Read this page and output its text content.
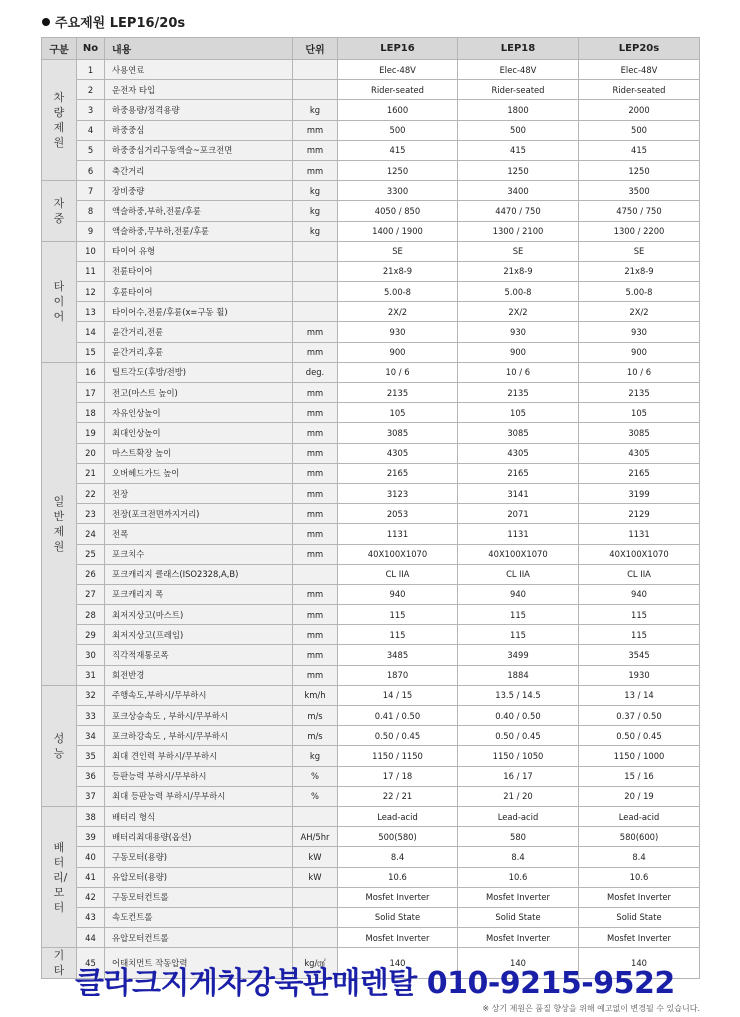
주요제원 LEP16/20s
구분	No	내용	단위	LEP16	LEP18	LEP20s

차량제원	1	사용연료		Elec-48V	Elec-48V	Elec-48V
	2	운전자 타입		Rider-seated	Rider-seated	Rider-seated
	3	하중용량/정격용량	kg	1600	1800	2000
	4	하중중심	mm	500	500	500
	5	하중중심거리구동액슬~포크전면	mm	415	415	415
	6	축간거리	mm	1250	1250	1250

자중	7	장비중량	kg	3300	3400	3500
	8	액슬하중,부하,전륜/후륜	kg	4050 / 850	4470 / 750	4750 / 750
	9	액슬하중,무부하,전륜/후륜	kg	1400 / 1900	1300 / 2100	1300 / 2200

타이어	10	타이어 유형		SE	SE	SE
	11	전륜타이어		21x8-9	21x8-9	21x8-9
	12	후륜타이어		5.00-8	5.00-8	5.00-8
	13	타이어수,전륜/후륜(x=구동 휠)		2X/2	2X/2	2X/2
	14	윤간거리,전륜	mm	930	930	930
	15	윤간거리,후륜	mm	900	900	900

일반제원	16	틸트각도(후방/전방)	deg.	10 / 6	10 / 6	10 / 6
	17	전고(마스트 높이)	mm	2135	2135	2135
	18	자유인상높이	mm	105	105	105
	19	최대인상높이	mm	3085	3085	3085
	20	마스트확장 높이	mm	4305	4305	4305
	21	오버헤드가드 높이	mm	2165	2165	2165
	22	전장	mm	3123	3141	3199
	23	전장(포크전면까지거리)	mm	2053	2071	2129
	24	전폭	mm	1131	1131	1131
	25	포크치수	mm	40X100X1070	40X100X1070	40X100X1070
	26	포크캐리지 클래스(ISO2328,A,B)		CL IIA	CL IIA	CL IIA
	27	포크캐리지 폭	mm	940	940	940
	28	최저지상고(마스트)	mm	115	115	115
	29	최저지상고(프레임)	mm	115	115	115
	30	직각적재통로폭	mm	3485	3499	3545
	31	회전반경	mm	1870	1884	1930

성능	32	주행속도,부하시/무부하시	km/h	14 / 15	13.5 / 14.5	13 / 14
	33	포크상승속도 , 부하시/무부하시	m/s	0.41 / 0.50	0.40 / 0.50	0.37 / 0.50
	34	포크하강속도 , 부하시/무부하시	m/s	0.50 / 0.45	0.50 / 0.45	0.50 / 0.45
	35	최대 견인력 부하시/무부하시	kg	1150 / 1150	1150 / 1050	1150 / 1000
	36	등판능력 부하시/무부하시	%	17 / 18	16 / 17	15 / 16
	37	최대 등판능력 부하시/무부하시	%	22 / 21	21 / 20	20 / 19

배터리/모터	38	배터리 형식		Lead-acid	Lead-acid	Lead-acid
	39	배터리최대용량(옵션)	AH/5hr	500(580)	580	580(600)
	40	구동모터(용량)	kW	8.4	8.4	8.4
	41	유압모터(용량)	kW	10.6	10.6	10.6
	42	구동모터컨트롤		Mosfet Inverter	Mosfet Inverter	Mosfet Inverter
	43	속도컨트롤		Solid State	Solid State	Solid State
	44	유압모터컨트롤		Mosfet Inverter	Mosfet Inverter	Mosfet Inverter

기타	45	어태치먼트 작동압력	kg/㎠	140	140	140
클라크지게차강북판매렌탈 010-9215-9522
※ 상기 제원은 품질 향상을 위해 예고없이 변경될 수 있습니다.
